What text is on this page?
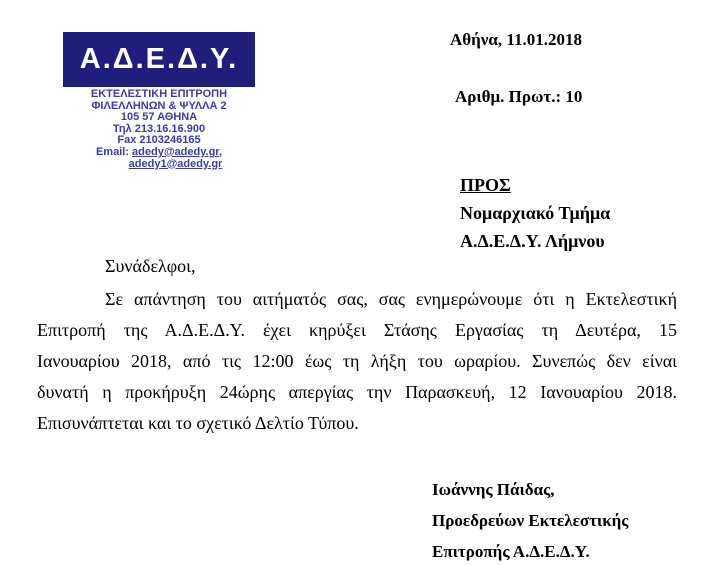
Α.Δ.Ε.Δ.Υ.
ΕΚΤΕΛΕΣΤΙΚΗ ΕΠΙΤΡΟΠΗ
ΦΙΛΕΛΛΗΝΩΝ & ΨΥΛΛΑ 2
105 57 ΑΘΗΝΑ
Τηλ 213.16.16.900
Fax 2103246165
Email: adedy@adedy.gr,
adedy1@adedy.gr
Αθήνα, 11.01.2018
Αριθμ. Πρωτ.: 10
ΠΡΟΣ
Νομαρχιακό Τμήμα
Α.Δ.Ε.Δ.Υ. Λήμνου
Συνάδελφοι,
Σε απάντηση του αιτήματός σας, σας ενημερώνουμε ότι η Εκτελεστική
Επιτροπή της Α.Δ.Ε.Δ.Υ. έχει κηρύξει Στάσης Εργασίας τη Δευτέρα, 15
Ιανουαρίου 2018, από τις 12:00 έως τη λήξη του ωραρίου. Συνεπώς δεν είναι
δυνατή η προκήρυξη 24ώρης απεργίας την Παρασκευή, 12 Ιανουαρίου 2018.
Επισυνάπτεται και το σχετικό Δελτίο Τύπου.
Ιωάννης Πάιδας,
Προεδρεύων Εκτελεστικής
Επιτροπής Α.Δ.Ε.Δ.Υ.
